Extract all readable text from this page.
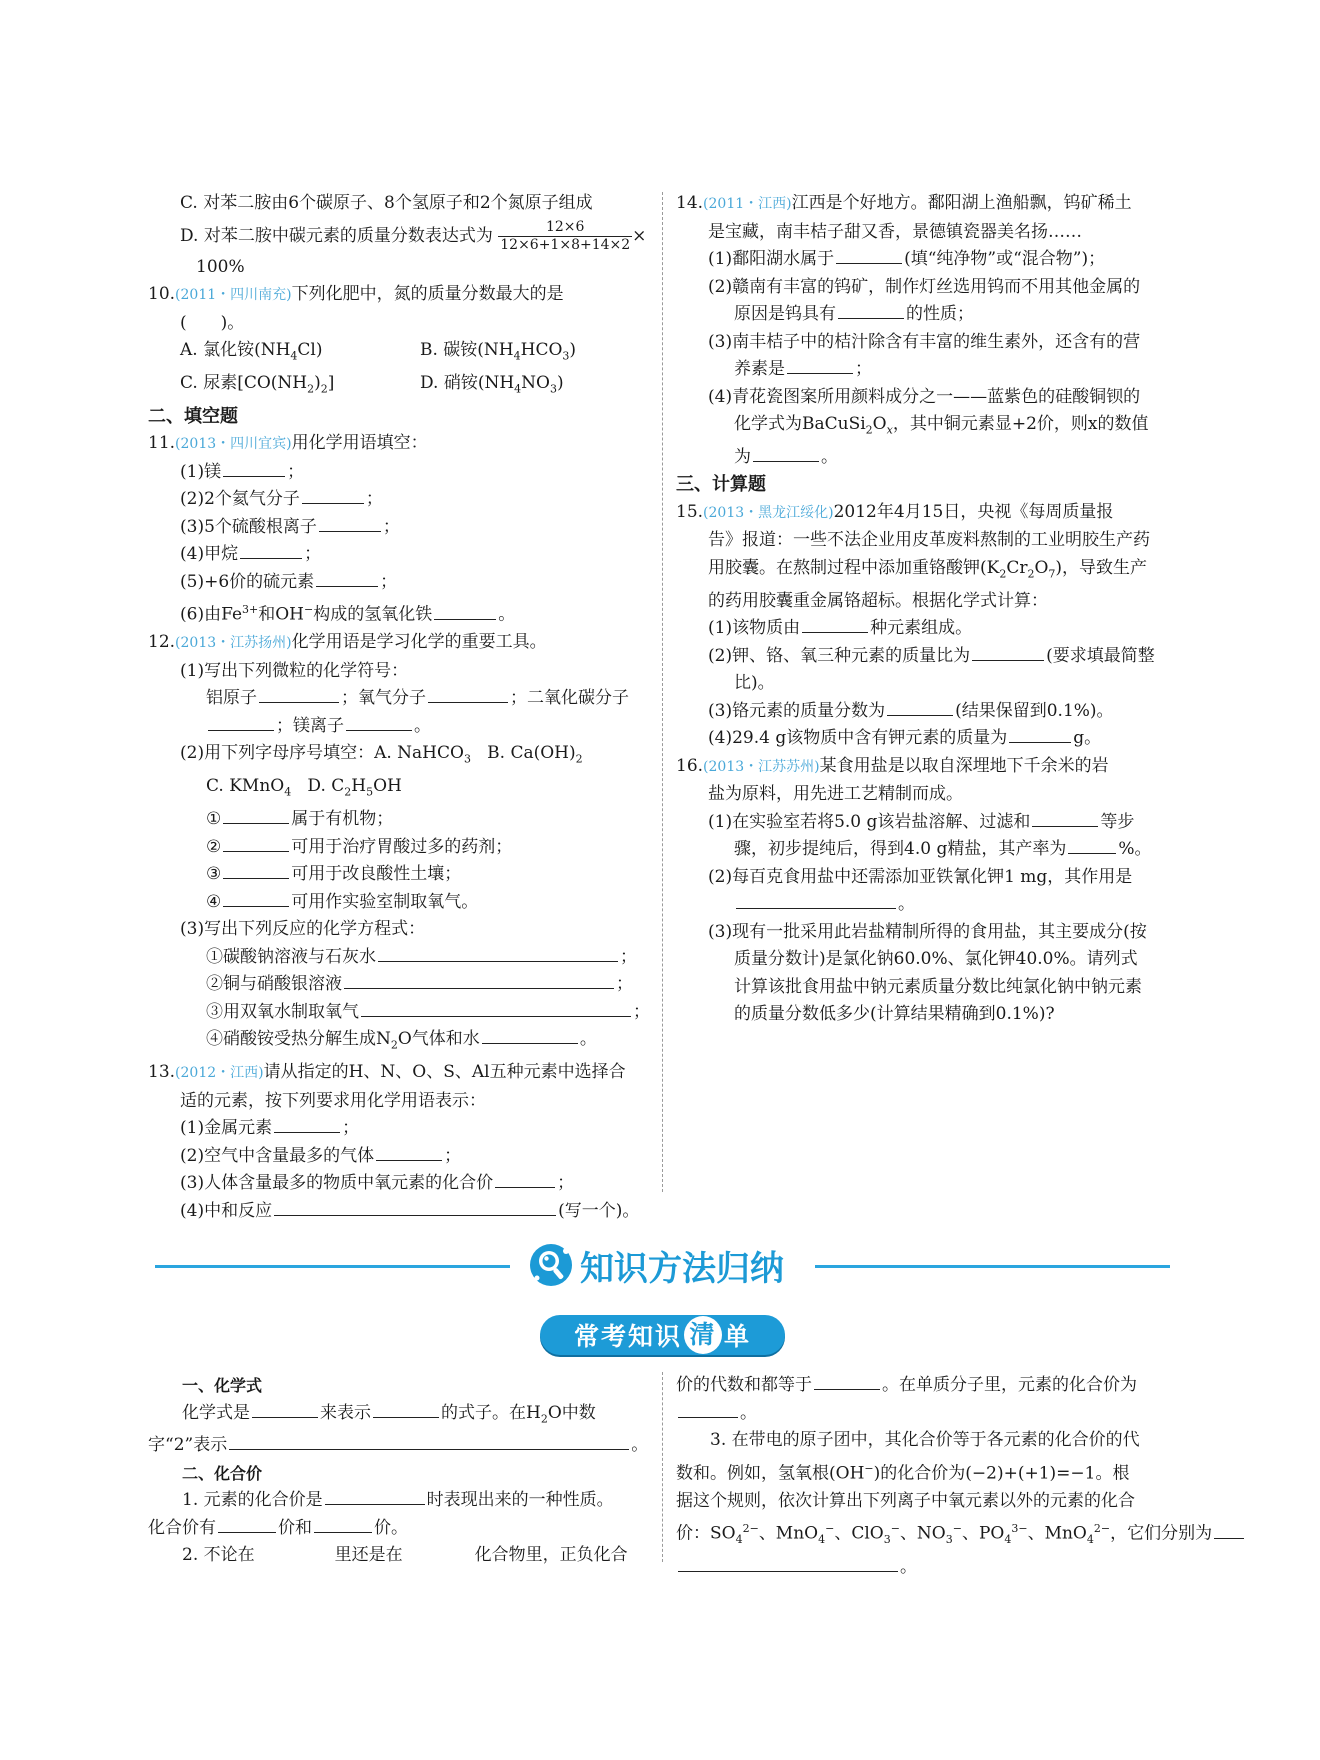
C. 对苯二胺由6个碳原子、8个氢原子和2个氮原子组成
D. 对苯二胺中碳元素的质量分数表达式为 $\frac{12\times 6}{12\times 6+1\times 8+14\times 2}$ ×
100%
10.(2011・四川南充)下列化肥中，氮的质量分数最大的是
(　　)。
A. 氯化铵$(NH_4Cl)$	B. 碳铵$(NH_4HCO_3)$
C. 尿素$[CO(NH_2)_2]$	D. 硝铵$(NH_4NO_3)$
二、填空题
11.(2013・四川宜宾)用化学用语填空：
(1)镁	；
(2)2个氦气分子	；
(3)5个硫酸根离子	；
(4)甲烷	；
(5)+6价的硫元素	；
(6)由$Fe^{3+}$和OH−构成的氢氧化铁	。
12.(2013・江苏扬州)化学用语是学习化学的重要工具。
(1)写出下列微粒的化学符号：
铝原子	；氧气分子	；二氧化碳分子
；镁离子	。
(2)用下列字母序号填空：A. NaHCO$_3$ B. $Ca(OH)_2$
C. KMnO$_4$ D. $C_2H_5OH$
①	属于有机物；
②	可用于治疗胃酸过多的药剂；
③	可用于改良酸性土壤；
④	可用作实验室制取氧气。
(3)写出下列反应的化学方程式：
①碳酸钠溶液与石灰水	；
②铜与硝酸银溶液	；
③用双氧水制取氧气	；
④硝酸铵受热分解生成$N_2O$气体和水	。
13.(2012・江西)请从指定的H、N、O、S、Al五种元素中选择合
适的元素，按下列要求用化学用语表示：
(1)金属元素	；
(2)空气中含量最多的气体	；
(3)人体含量最多的物质中氧元素的化合价	；
(4)中和反应	(写一个)。
14.(2011・江西)江西是个好地方。鄱阳湖上渔船飘，钨矿稀土
是宝藏，南丰桔子甜又香，景德镇瓷器美名扬……
(1)鄱阳湖水属于	(填“纯净物”或“混合物”)；
(2)赣南有丰富的钨矿，制作灯丝选用钨而不用其他金属的
原因是钨具有	的性质；
(3)南丰桔子中的桔汁除含有丰富的维生素外，还含有的营
养素是	；
(4)青花瓷图案所用颜料成分之一——蓝紫色的硅酸铜钡的
化学式为$BaCuSi_2O_x$，其中铜元素显+2价，则x的数值
为	。
三、计算题
15.(2013・黑龙江绥化)2012年4月15日，央视《每周质量报
告》报道：一些不法企业用皮革废料熬制的工业明胶生产药
用胶囊。在熬制过程中添加重铬酸钾$(K_2Cr_2O_7)$，导致生产
的药用胶囊重金属铬超标。根据化学式计算：
(1)该物质由	种元素组成。
(2)钾、铬、氧三种元素的质量比为	(要求填最简整
比)。
(3)铬元素的质量分数为	(结果保留到0.1%)。
(4)29.4 g该物质中含有钾元素的质量为	g。
16.(2013・江苏苏州)某食用盐是以取自深埋地下千余米的岩
盐为原料，用先进工艺精制而成。
(1)在实验室若将5.0 g该岩盐溶解、过滤和	等步
骤，初步提纯后，得到4.0 g精盐，其产率为	%。
(2)每百克食用盐中还需添加亚铁氰化钾1 mg，其作用是
。
(3)现有一批采用此岩盐精制所得的食用盐，其主要成分(按
质量分数计)是氯化钠60.0%、氯化钾40.0%。请列式
计算该批食用盐中钠元素质量分数比纯氯化钠中钠元素
的质量分数低多少(计算结果精确到0.1%)?
知识方法归纳
常考知识 清 单
一、化学式
化学式是	来表示	的式子。在$H_2O$中数
字“2”表示	。
二、化合价
1. 元素的化合价是	时表现出来的一种性质。
化合价有	价和	价。
2. 不论在	里还是在	化合物里，正负化合
价的代数和都等于	。在单质分子里，元素的化合价为
。
3. 在带电的原子团中，其化合价等于各元素的化合价的代
数和。例如，氢氧根(OH−)的化合价为(−2)+(+1)=−1。根
据这个规则，依次计算出下列离子中氧元素以外的元素的化合
价：$SO_4^{2-}$、MnO$_4$−、ClO$_3$−、$NO_3^-$、$PO_4^{3-}$、MnO$_4^{2-}$，它们分别为
。
